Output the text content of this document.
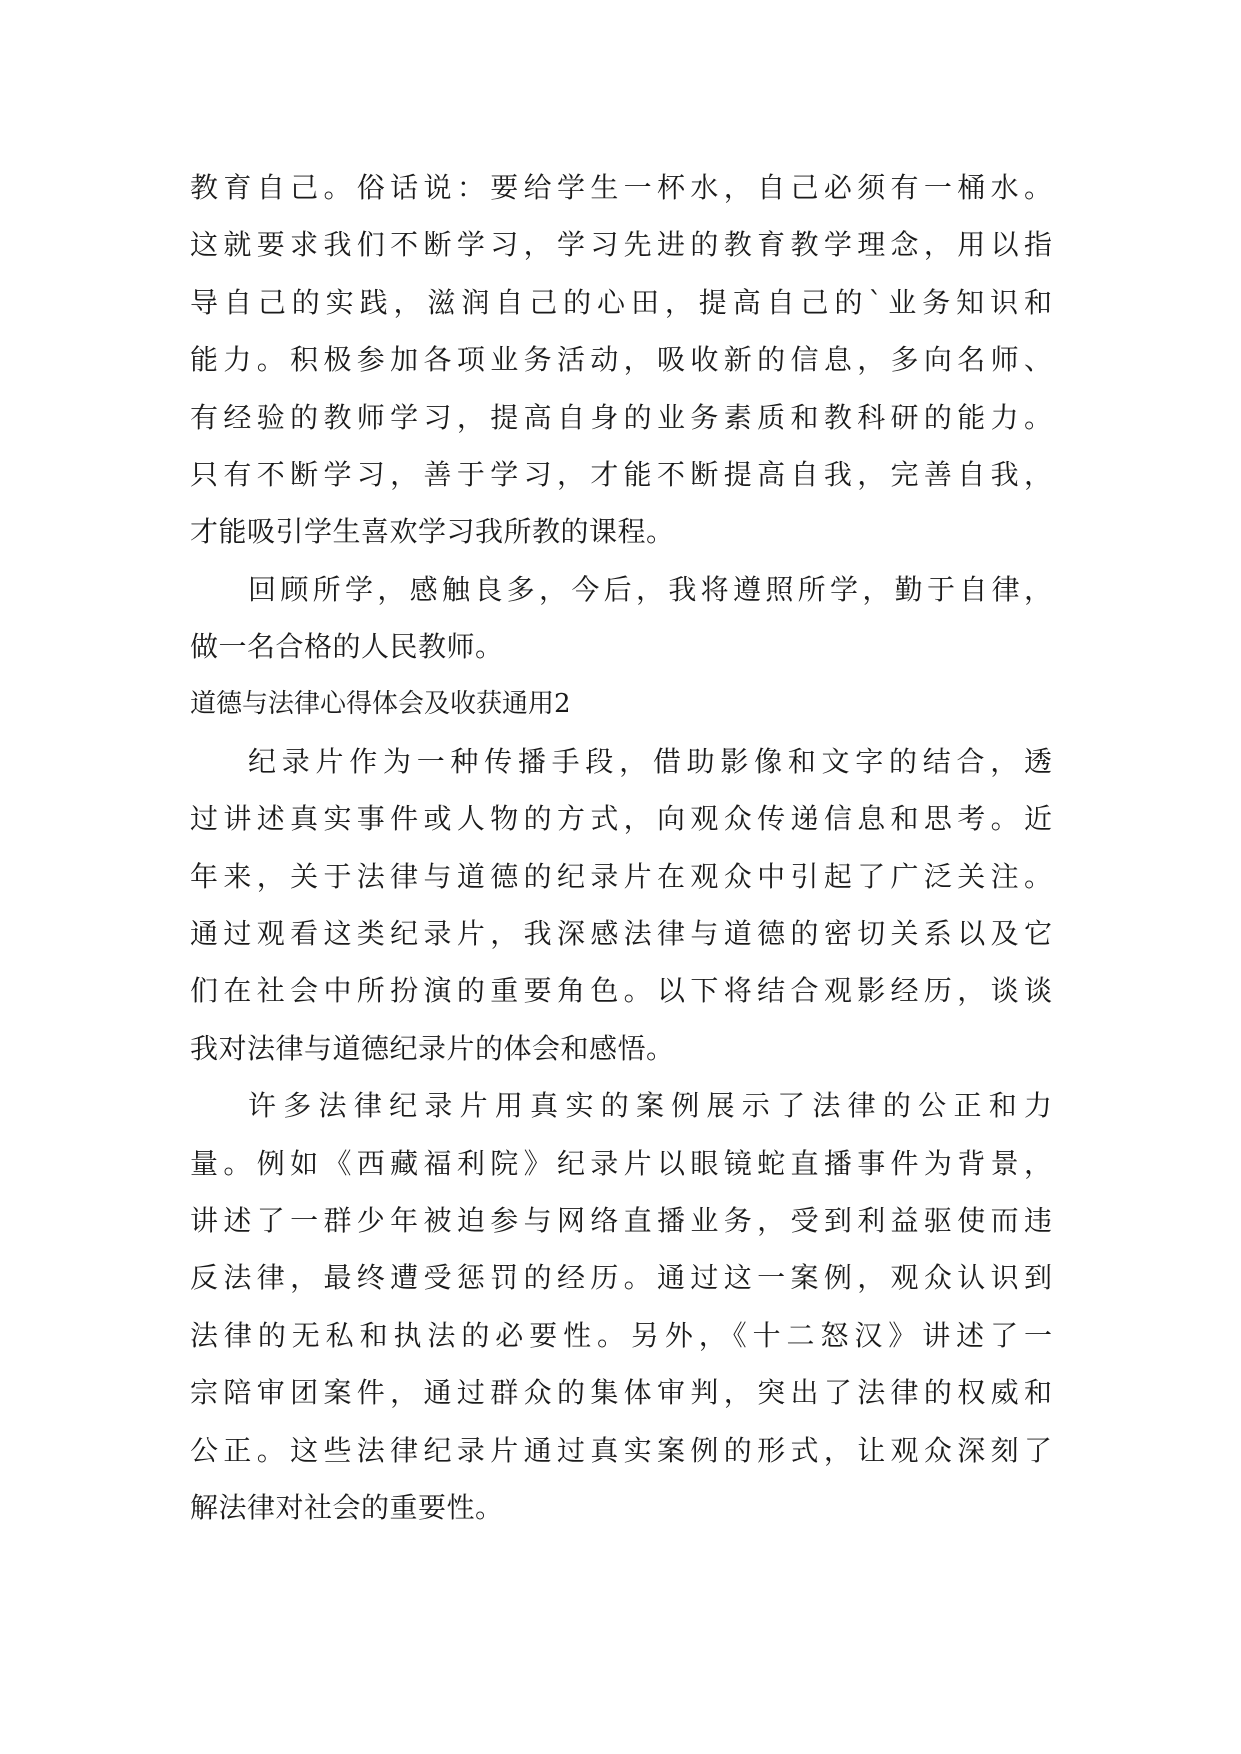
教育自己。俗话说：要给学生一杯水，自己必须有一桶水。
这就要求我们不断学习，学习先进的教育教学理念，用以指
导自己的实践，滋润自己的心田，提高自己的`业务知识和
能力。积极参加各项业务活动，吸收新的信息，多向名师、
有经验的教师学习，提高自身的业务素质和教科研的能力。
只有不断学习，善于学习，才能不断提高自我，完善自我，
才能吸引学生喜欢学习我所教的课程。
回顾所学，感触良多，今后，我将遵照所学，勤于自律，
做一名合格的人民教师。
道德与法律心得体会及收获通用2
纪录片作为一种传播手段，借助影像和文字的结合，透
过讲述真实事件或人物的方式，向观众传递信息和思考。近
年来，关于法律与道德的纪录片在观众中引起了广泛关注。
通过观看这类纪录片，我深感法律与道德的密切关系以及它
们在社会中所扮演的重要角色。以下将结合观影经历，谈谈
我对法律与道德纪录片的体会和感悟。
许多法律纪录片用真实的案例展示了法律的公正和力
量。例如《西藏福利院》纪录片以眼镜蛇直播事件为背景，
讲述了一群少年被迫参与网络直播业务，受到利益驱使而违
反法律，最终遭受惩罚的经历。通过这一案例，观众认识到
法律的无私和执法的必要性。另外，《十二怒汉》讲述了一
宗陪审团案件，通过群众的集体审判，突出了法律的权威和
公正。这些法律纪录片通过真实案例的形式，让观众深刻了
解法律对社会的重要性。
